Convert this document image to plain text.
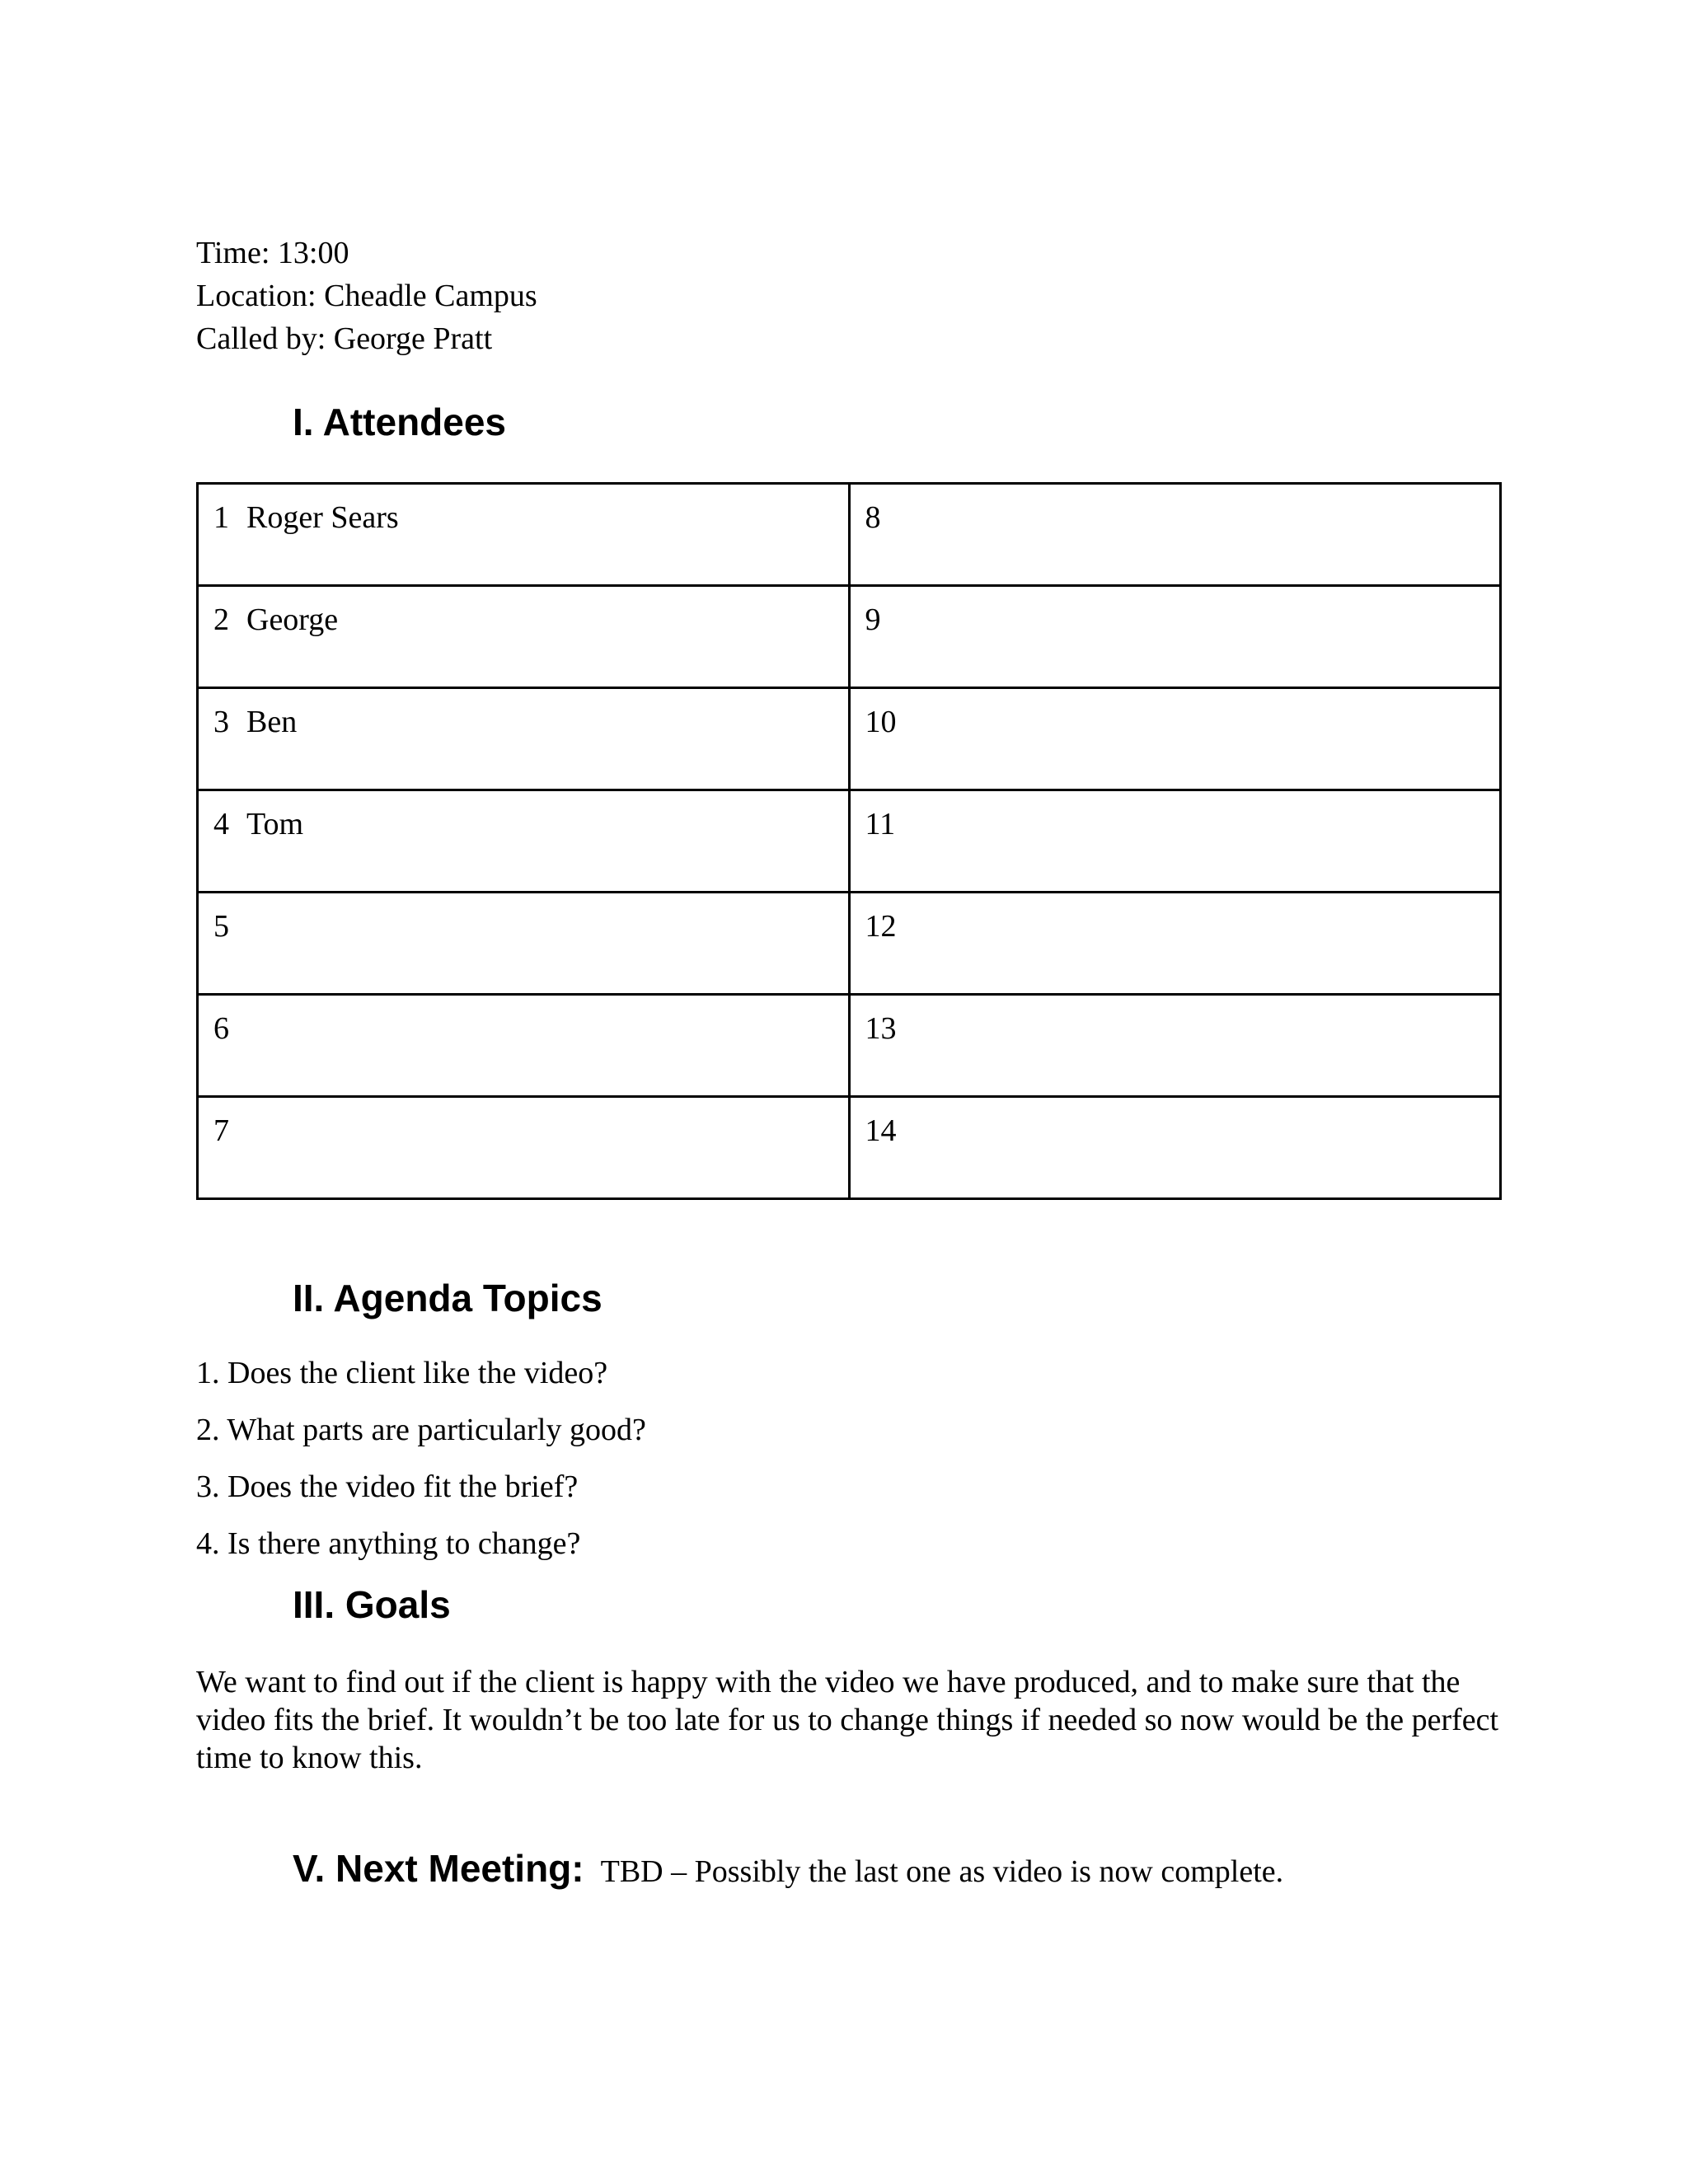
Time: 13:00
Location: Cheadle Campus
Called by: George Pratt
I. Attendees
1 Roger Sears	8
2 George	9
3 Ben	10
4 Tom	11
5	12
6	13
7	14
II. Agenda Topics
1. Does the client like the video?
2. What parts are particularly good?
3. Does the video fit the brief?
4. Is there anything to change?
III. Goals
We want to find out if the client is happy with the video we have produced, and to make sure that the video fits the brief. It wouldn’t be too late for us to change things if needed so now would be the perfect time to know this.
V. Next Meeting: TBD – Possibly the last one as video is now complete.
